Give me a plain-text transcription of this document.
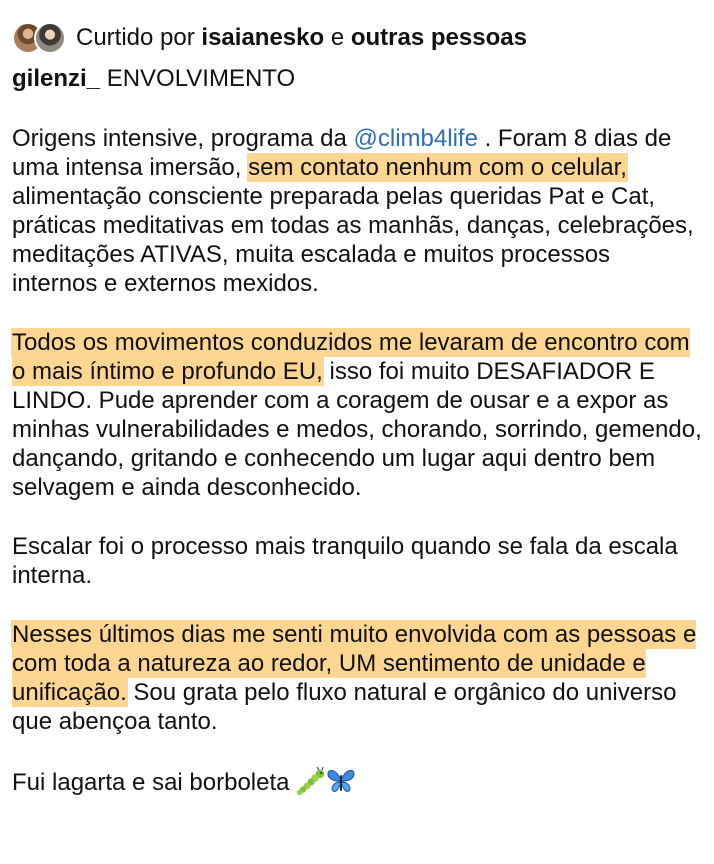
Curtido por isaianesko e outras pessoas
gilenzi_ ENVOLVIMENTO

Origens intensive, programa da @climb4life . Foram 8 dias de uma intensa imersão, sem contato nenhum com o celular, alimentação consciente preparada pelas queridas Pat e Cat, práticas meditativas em todas as manhãs, danças, celebrações, meditações ATIVAS, muita escalada e muitos processos internos e externos mexidos.

Todos os movimentos conduzidos me levaram de encontro com o mais íntimo e profundo EU, isso foi muito DESAFIADOR E LINDO. Pude aprender com a coragem de ousar e a expor as minhas vulnerabilidades e medos, chorando, sorrindo, gemendo, dançando, gritando e conhecendo um lugar aqui dentro bem selvagem e ainda desconhecido.

Escalar foi o processo mais tranquilo quando se fala da escala interna.

Nesses últimos dias me senti muito envolvida com as pessoas e com toda a natureza ao redor, UM sentimento de unidade e unificação. Sou grata pelo fluxo natural e orgânico do universo que abençoa tanto.

Fui lagarta e sai borboleta
